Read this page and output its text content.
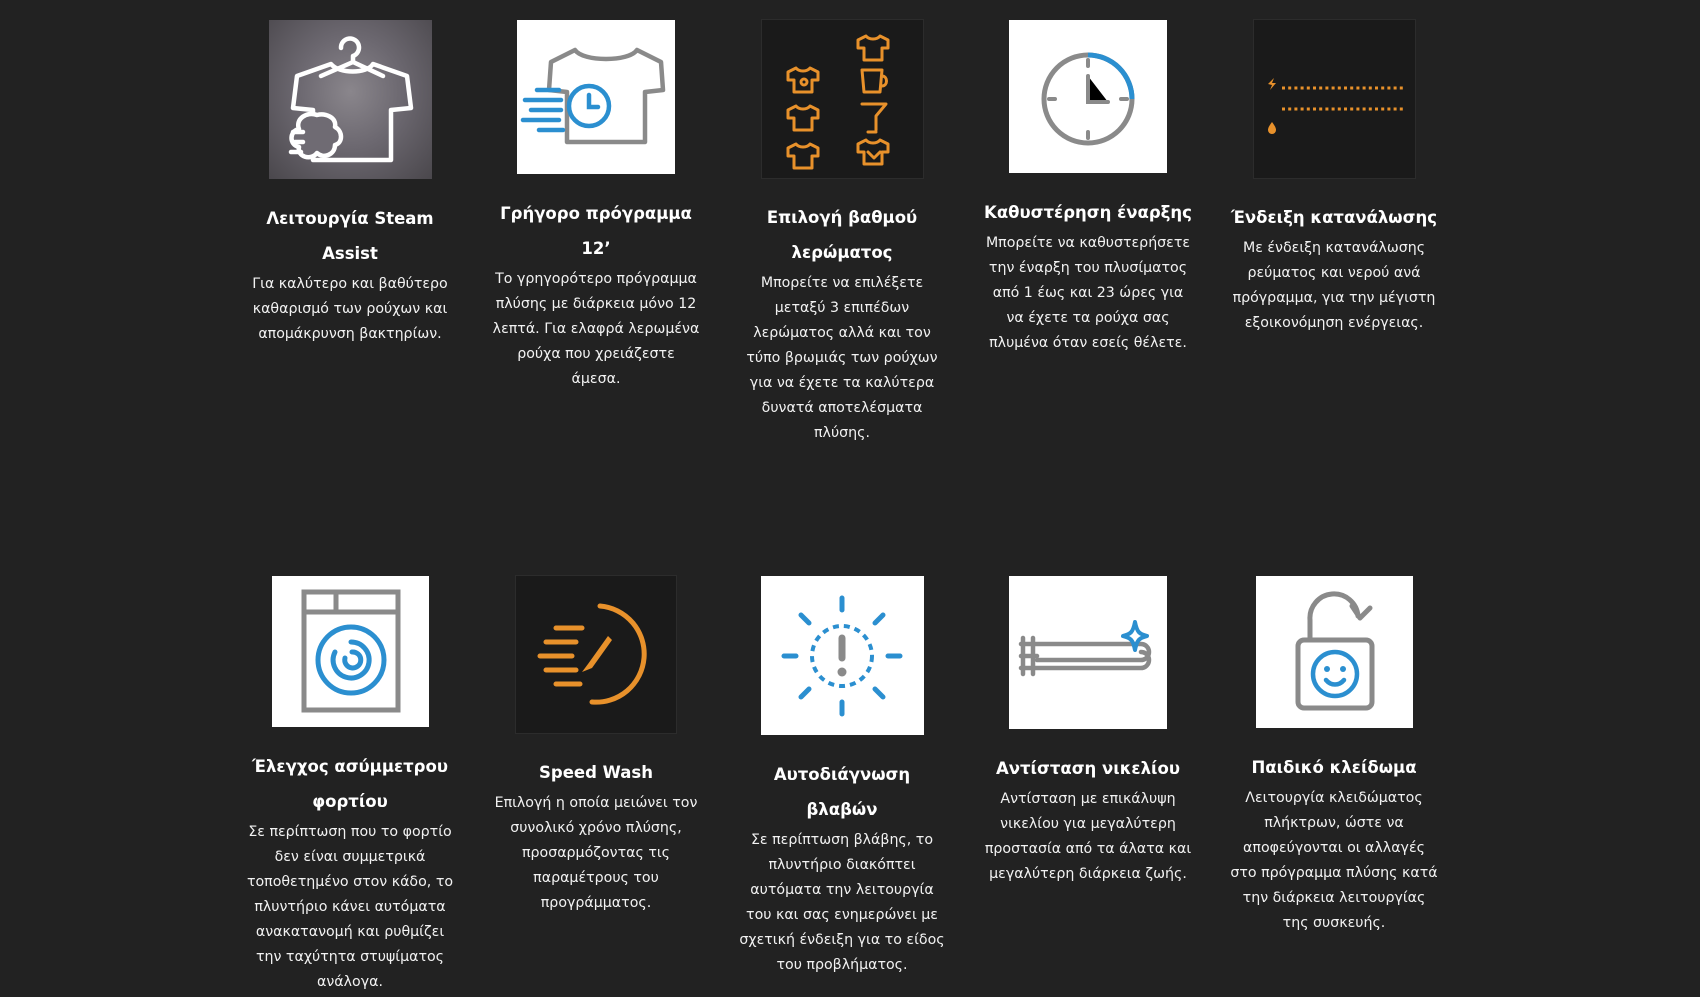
Λειτουργία Steam Assist
Για καλύτερο και βαθύτερο καθαρισμό των ρούχων και απομάκρυνση βακτηρίων.
Γρήγορο πρόγραμμα 12’
Το γρηγορότερο πρόγραμμα πλύσης με διάρκεια μόνο 12 λεπτά. Για ελαφρά λερωμένα ρούχα που χρειάζεστε άμεσα.
Επιλογή βαθμού λερώματος
Μπορείτε να επιλέξετε μεταξύ 3 επιπέδων λερώματος αλλά και τον τύπο βρωμιάς των ρούχων για να έχετε τα καλύτερα δυνατά αποτελέσματα πλύσης.
Καθυστέρηση έναρξης
Μπορείτε να καθυστερήσετε την έναρξη του πλυσίματος από 1 έως και 23 ώρες για να έχετε τα ρούχα σας πλυμένα όταν εσείς θέλετε.
Ένδειξη κατανάλωσης
Με ένδειξη κατανάλωσης ρεύματος και νερού ανά πρόγραμμα, για την μέγιστη εξοικονόμηση ενέργειας.
Έλεγχος ασύμμετρου φορτίου
Σε περίπτωση που το φορτίο δεν είναι συμμετρικά τοποθετημένο στον κάδο, το πλυντήριο κάνει αυτόματα ανακατανομή και ρυθμίζει την ταχύτητα στυψίματος ανάλογα.
Speed Wash
Επιλογή η οποία μειώνει τον συνολικό χρόνο πλύσης, προσαρμόζοντας τις παραμέτρους του προγράμματος.
Αυτοδιάγνωση βλαβών
Σε περίπτωση βλάβης, το πλυντήριο διακόπτει αυτόματα την λειτουργία του και σας ενημερώνει με σχετική ένδειξη για το είδος του προβλήματος.
Αντίσταση νικελίου
Αντίσταση με επικάλυψη νικελίου για μεγαλύτερη προστασία από τα άλατα και μεγαλύτερη διάρκεια ζωής.
Παιδικό κλείδωμα
Λειτουργία κλειδώματος πλήκτρων, ώστε να αποφεύγονται οι αλλαγές στο πρόγραμμα πλύσης κατά την διάρκεια λειτουργίας της συσκευής.
